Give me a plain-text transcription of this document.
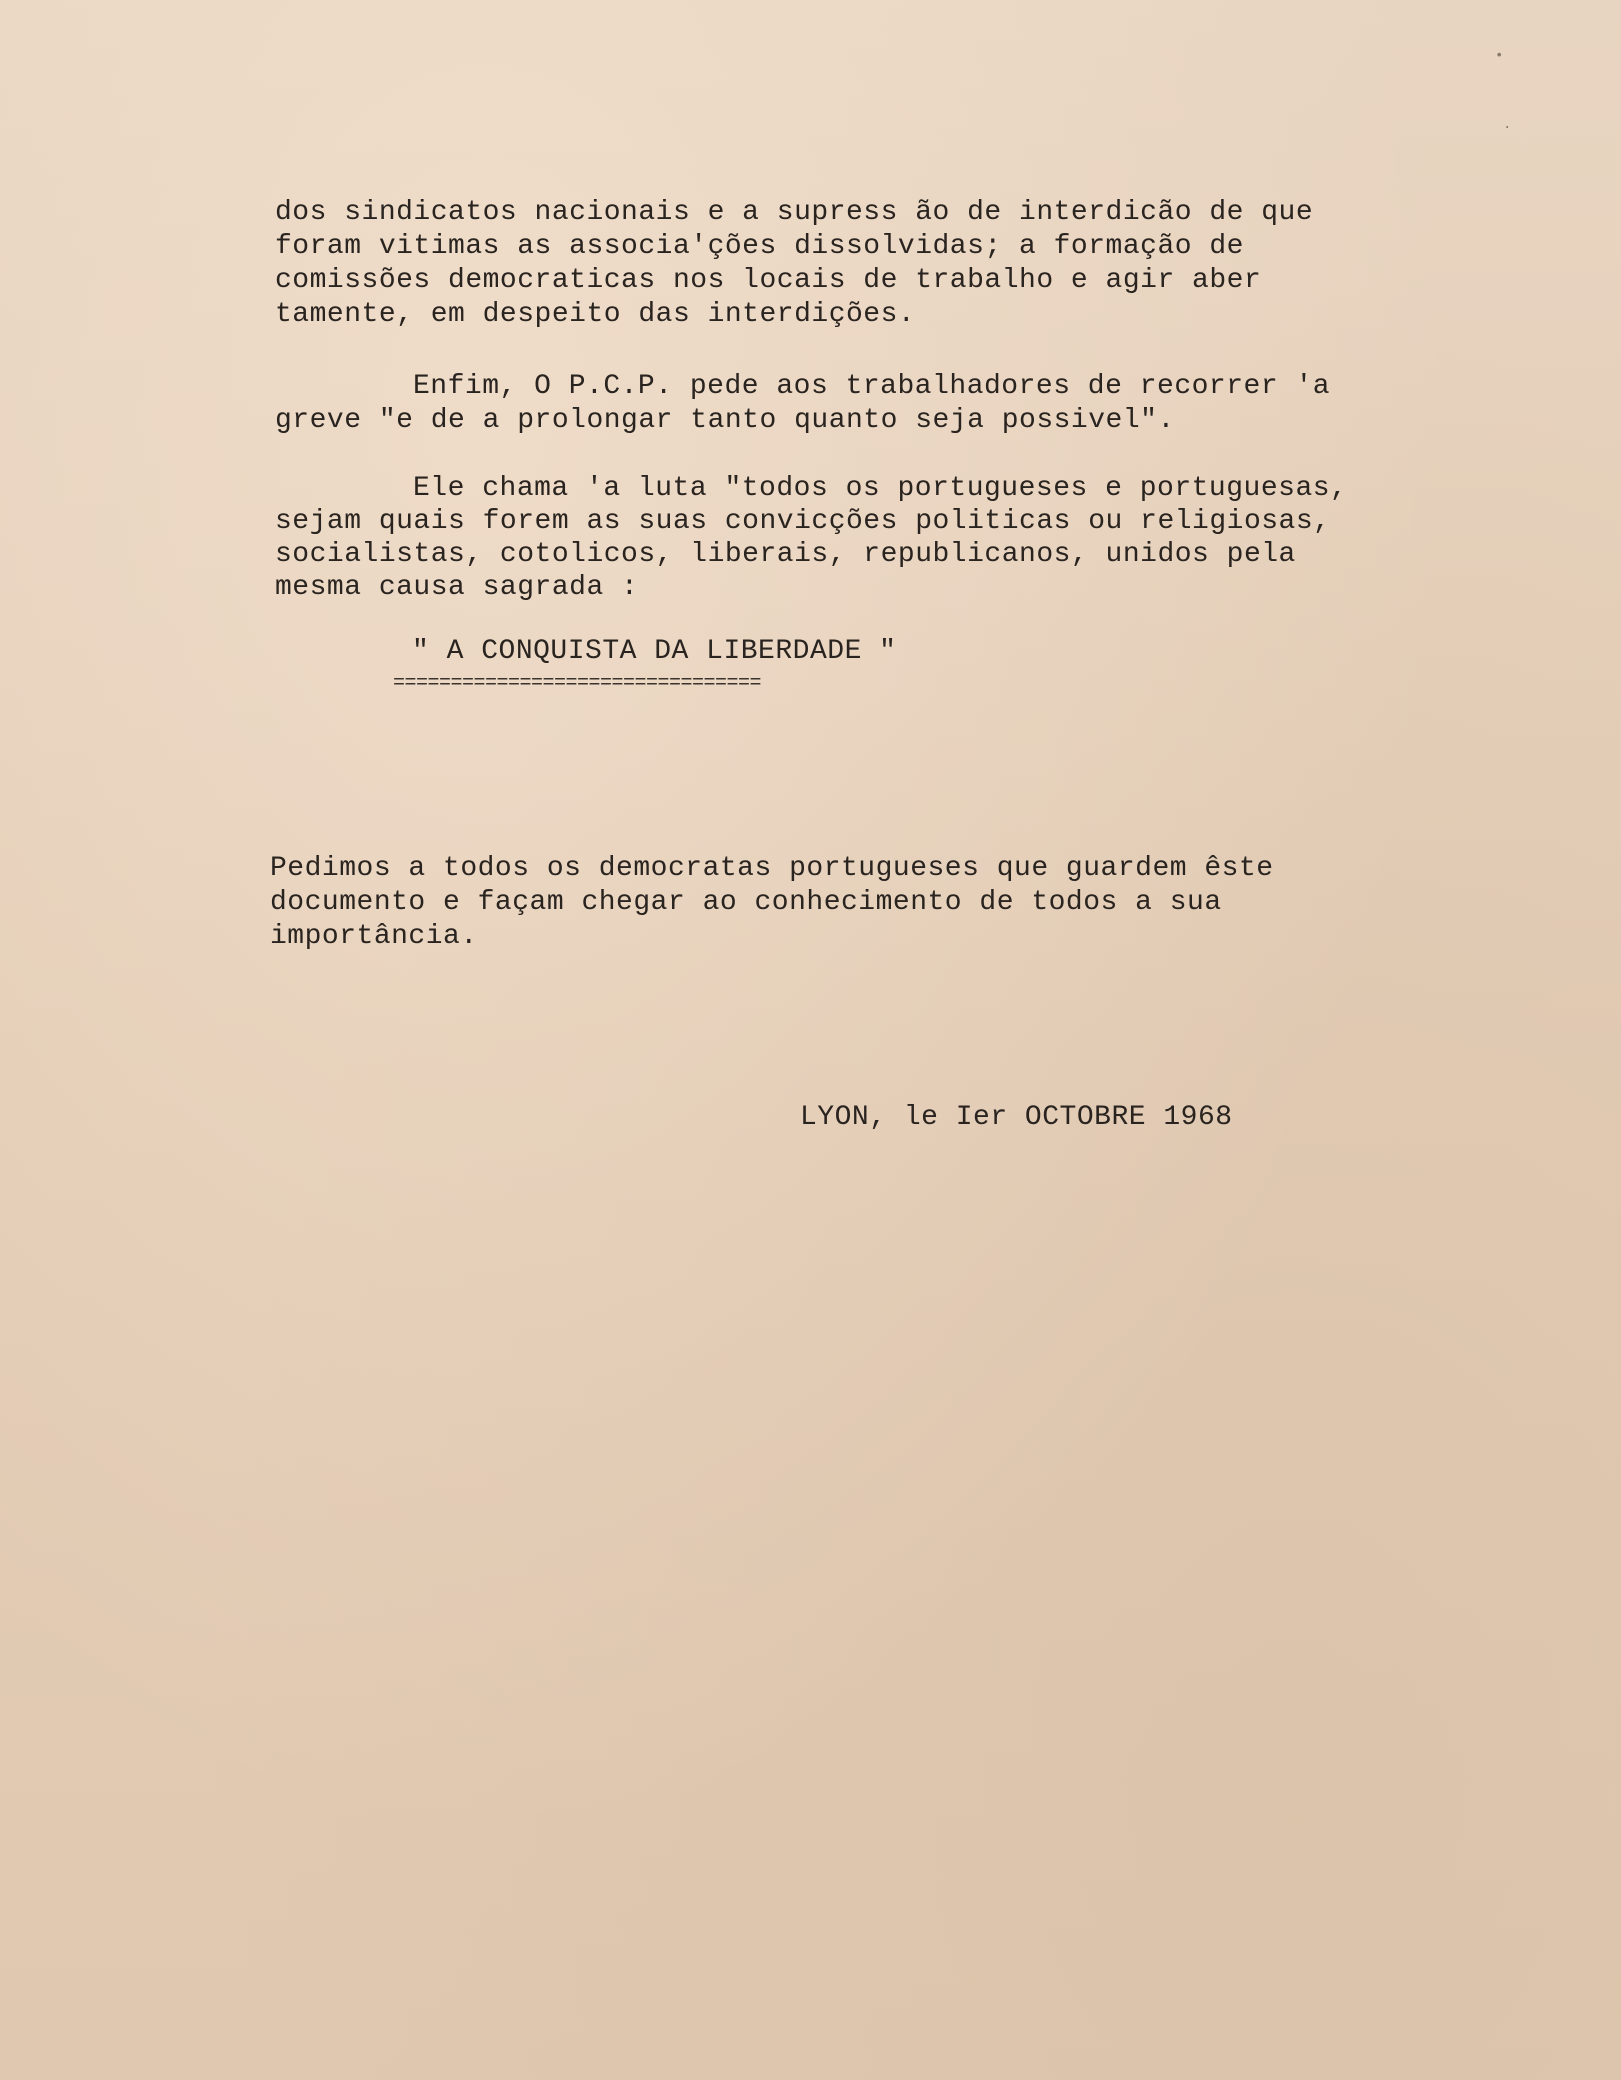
dos sindicatos nacionais e a supress ão de interdicão de que
foram vitimas as associa'ções dissolvidas; a formação de
comissões democraticas nos locais de trabalho e agir aber
tamente, em despeito das interdições.
Enfim, O P.C.P. pede aos trabalhadores de recorrer 'a
greve "e de a prolongar tanto quanto seja possivel".
Ele chama 'a luta "todos os portugueses e portuguesas,
sejam quais forem as suas convicções politicas ou religiosas,
socialistas, cotolicos, liberais, republicanos, unidos pela
mesma causa sagrada :
" A CONQUISTA DA LIBERDADE "
================================
Pedimos a todos os democratas portugueses que guardem êste
documento e façam chegar ao conhecimento de todos a sua
importância.
LYON, le Ier OCTOBRE 1968
•
·
